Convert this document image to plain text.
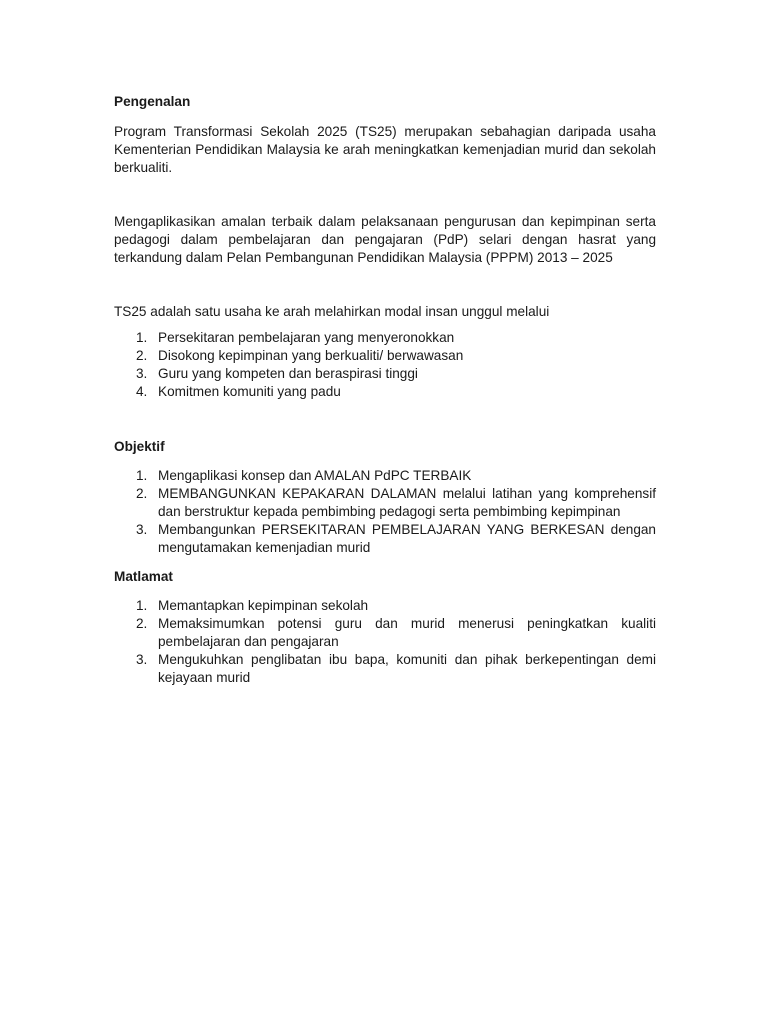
Pengenalan

Program Transformasi Sekolah 2025 (TS25) merupakan sebahagian daripada usaha Kementerian Pendidikan Malaysia ke arah meningkatkan kemenjadian murid dan sekolah berkualiti.

Mengaplikasikan amalan terbaik dalam pelaksanaan pengurusan dan kepimpinan serta pedagogi dalam pembelajaran dan pengajaran (PdP) selari dengan hasrat yang terkandung dalam Pelan Pembangunan Pendidikan Malaysia (PPPM) 2013 – 2025

TS25 adalah satu usaha ke arah melahirkan modal insan unggul melalui

1. Persekitaran pembelajaran yang menyeronokkan
2. Disokong kepimpinan yang berkualiti/ berwawasan
3. Guru yang kompeten dan beraspirasi tinggi
4. Komitmen komuniti yang padu

Objektif

1. Mengaplikasi konsep dan AMALAN PdPC TERBAIK
2. MEMBANGUNKAN KEPAKARAN DALAMAN melalui latihan yang komprehensif dan berstruktur kepada pembimbing pedagogi serta pembimbing kepimpinan
3. Membangunkan PERSEKITARAN PEMBELAJARAN YANG BERKESAN dengan mengutamakan kemenjadian murid

Matlamat

1. Memantapkan kepimpinan sekolah
2. Memaksimumkan potensi guru dan murid menerusi peningkatkan kualiti pembelajaran dan pengajaran
3. Mengukuhkan penglibatan ibu bapa, komuniti dan pihak berkepentingan demi kejayaan murid
